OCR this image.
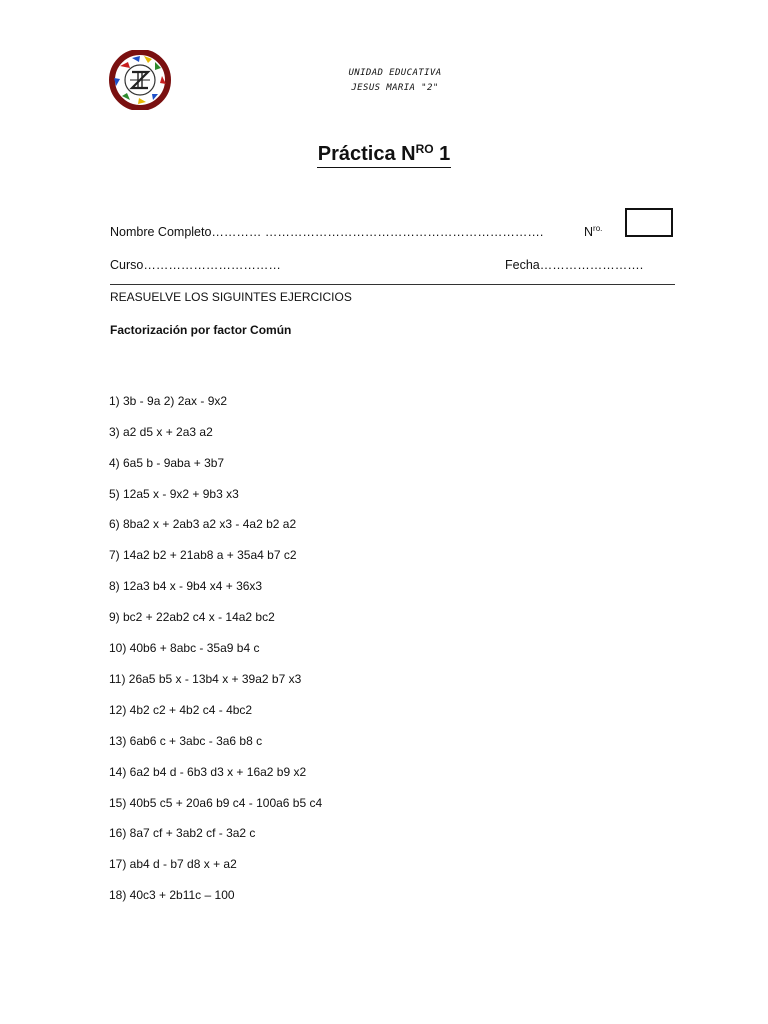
UNIDAD EDUCATIVA
JESUS MARIA "2"
Práctica $N^{RO}$ 1
Nombre Completo………… ………………………………………………………….	$N^{ro.}$
Curso……………………………	Fecha…………………….
REASUELVE LOS SIGUINTES EJERCICIOS
Factorización por factor Común
1) 3b - 9a 2) 2ax - 9x2
3) a2 d5 x + 2a3 a2
4) 6a5 b - 9aba + 3b7
5) 12a5 x - 9x2 + 9b3 x3
6) 8ba2 x + 2ab3 a2 x3 - 4a2 b2 a2
7) 14a2 b2 + 21ab8 a + 35a4 b7 c2
8) 12a3 b4 x - 9b4 x4 + 36x3
9) bc2 + 22ab2 c4 x - 14a2 bc2
10) 40b6 + 8abc - 35a9 b4 c
11) 26a5 b5 x - 13b4 x + 39a2 b7 x3
12) 4b2 c2 + 4b2 c4 - 4bc2
13) 6ab6 c + 3abc - 3a6 b8 c
14) 6a2 b4 d - 6b3 d3 x + 16a2 b9 x2
15) 40b5 c5 + 20a6 b9 c4 - 100a6 b5 c4
16) 8a7 cf + 3ab2 cf - 3a2 c
17) ab4 d - b7 d8 x + a2
18) 40c3 + 2b11c – 100
